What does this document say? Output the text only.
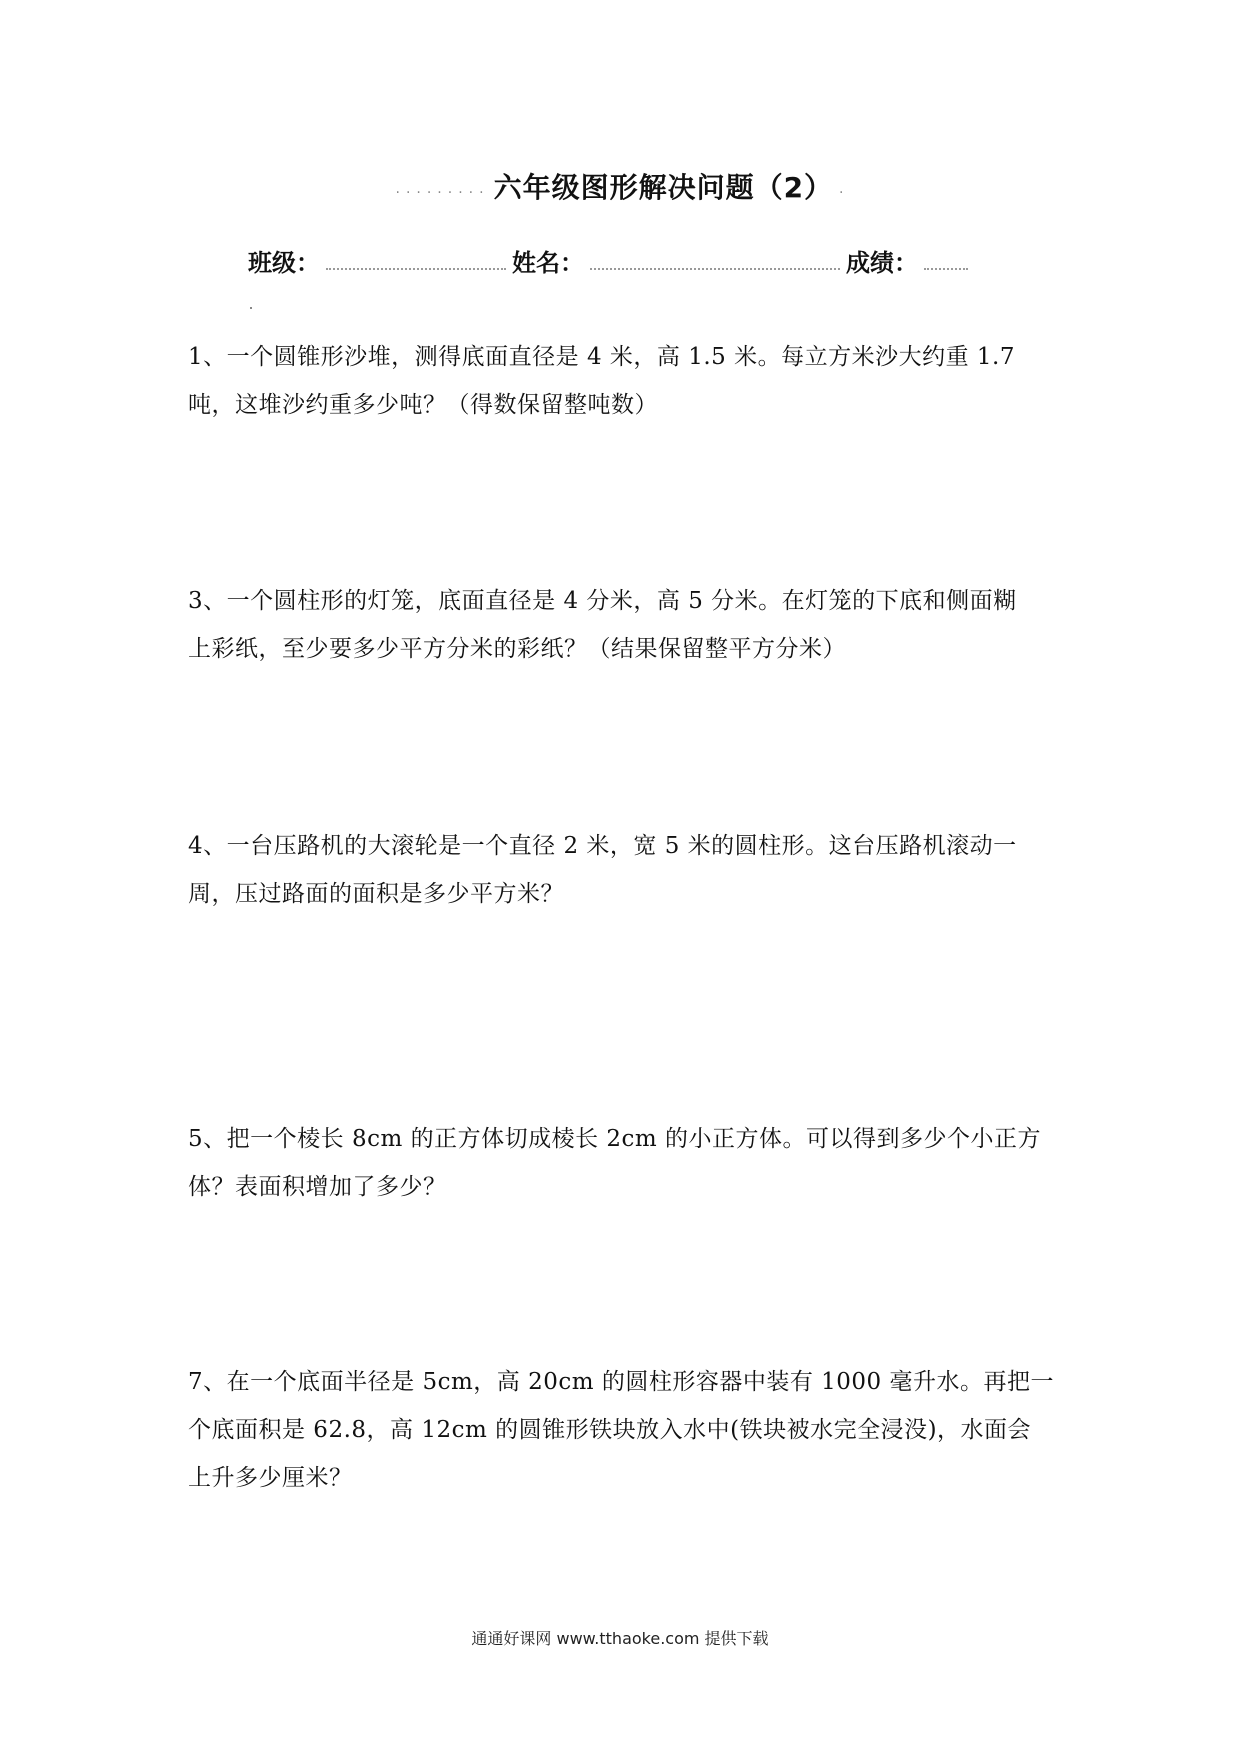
......... 六年级图形解决问题（2） .
班级：	姓名：	成绩：
1、一个圆锥形沙堆，测得底面直径是 4 米，高 1.5 米。每立方米沙大约重 1.7
吨，这堆沙约重多少吨？（得数保留整吨数）
3、一个圆柱形的灯笼，底面直径是 4 分米，高 5 分米。在灯笼的下底和侧面糊
上彩纸，至少要多少平方分米的彩纸？（结果保留整平方分米）
4、一台压路机的大滚轮是一个直径 2 米，宽 5 米的圆柱形。这台压路机滚动一
周，压过路面的面积是多少平方米？
5、把一个棱长 8cm 的正方体切成棱长 2cm 的小正方体。可以得到多少个小正方
体？表面积增加了多少？
7、在一个底面半径是 5cm，高 20cm 的圆柱形容器中装有 1000 毫升水。再把一
个底面积是 62.8，高 12cm 的圆锥形铁块放入水中(铁块被水完全浸没)，水面会
上升多少厘米？
通通好课网 www.tthaoke.com 提供下载
